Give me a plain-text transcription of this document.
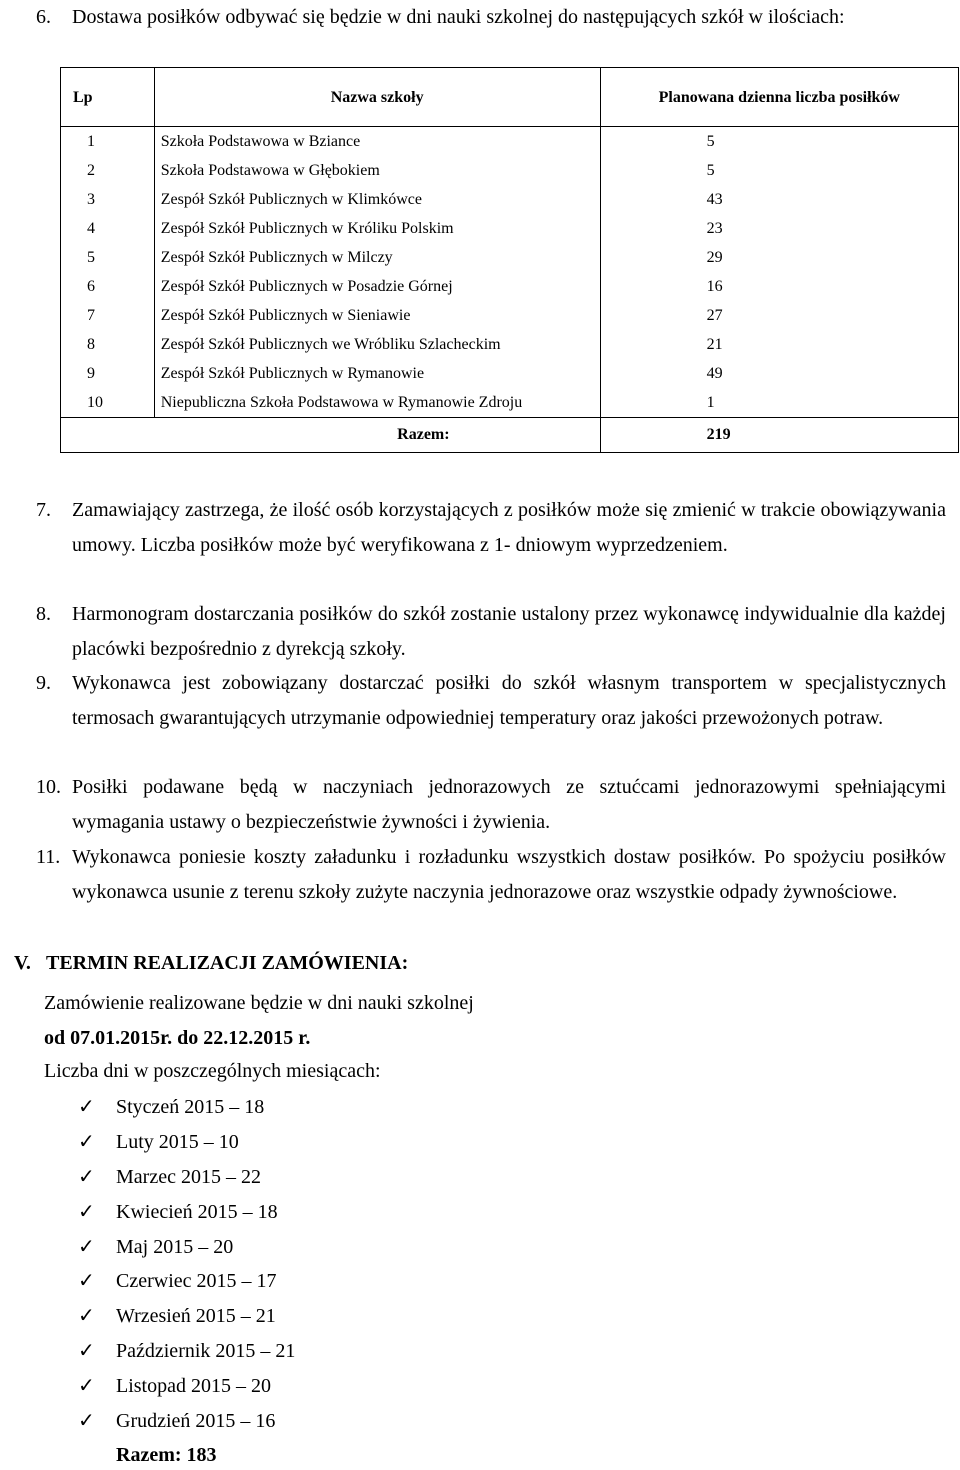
6. Dostawa posiłków odbywać się będzie w dni nauki szkolnej do następujących szkół w ilościach:
Lp	Nazwa szkoły	Planowana dzienna liczba posiłków
1	Szkoła Podstawowa w Bziance	5
2	Szkoła Podstawowa w Głębokiem	5
3	Zespół Szkół Publicznych w Klimkówce	43
4	Zespół Szkół Publicznych w Króliku Polskim	23
5	Zespół Szkół Publicznych w Milczy	29
6	Zespół Szkół Publicznych w Posadzie Górnej	16
7	Zespół Szkół Publicznych w Sieniawie	27
8	Zespół Szkół Publicznych we Wróbliku Szlacheckim	21
9	Zespół Szkół Publicznych w Rymanowie	49
10	Niepubliczna Szkoła Podstawowa w Rymanowie Zdroju	1
Razem:		219
7. Zamawiający zastrzega, że ilość osób korzystających z posiłków może się zmienić w trakcie obowiązywania umowy. Liczba posiłków może być weryfikowana z 1- dniowym wyprzedzeniem.
8. Harmonogram dostarczania posiłków do szkół zostanie ustalony przez wykonawcę indywidualnie dla każdej placówki bezpośrednio z dyrekcją szkoły.
9. Wykonawca jest zobowiązany dostarczać posiłki do szkół własnym transportem w specjalistycznych termosach gwarantujących utrzymanie odpowiedniej temperatury oraz jakości przewożonych potraw.
10. Posiłki podawane będą w naczyniach jednorazowych ze sztućcami jednorazowymi spełniającymi wymagania ustawy o bezpieczeństwie żywności i żywienia.
11. Wykonawca poniesie koszty załadunku i rozładunku wszystkich dostaw posiłków. Po spożyciu posiłków wykonawca usunie z terenu szkoły zużyte naczynia jednorazowe oraz wszystkie odpady żywnościowe.
V. TERMIN REALIZACJI ZAMÓWIENIA:
Zamówienie realizowane będzie w dni nauki szkolnej
od 07.01.2015r. do 22.12.2015 r.
Liczba dni w poszczególnych miesiącach:
✓ Styczeń 2015 – 18
✓ Luty 2015 – 10
✓ Marzec 2015 – 22
✓ Kwiecień 2015 – 18
✓ Maj 2015 – 20
✓ Czerwiec 2015 – 17
✓ Wrzesień 2015 – 21
✓ Październik 2015 – 21
✓ Listopad 2015 – 20
✓ Grudzień 2015 – 16
Razem: 183
